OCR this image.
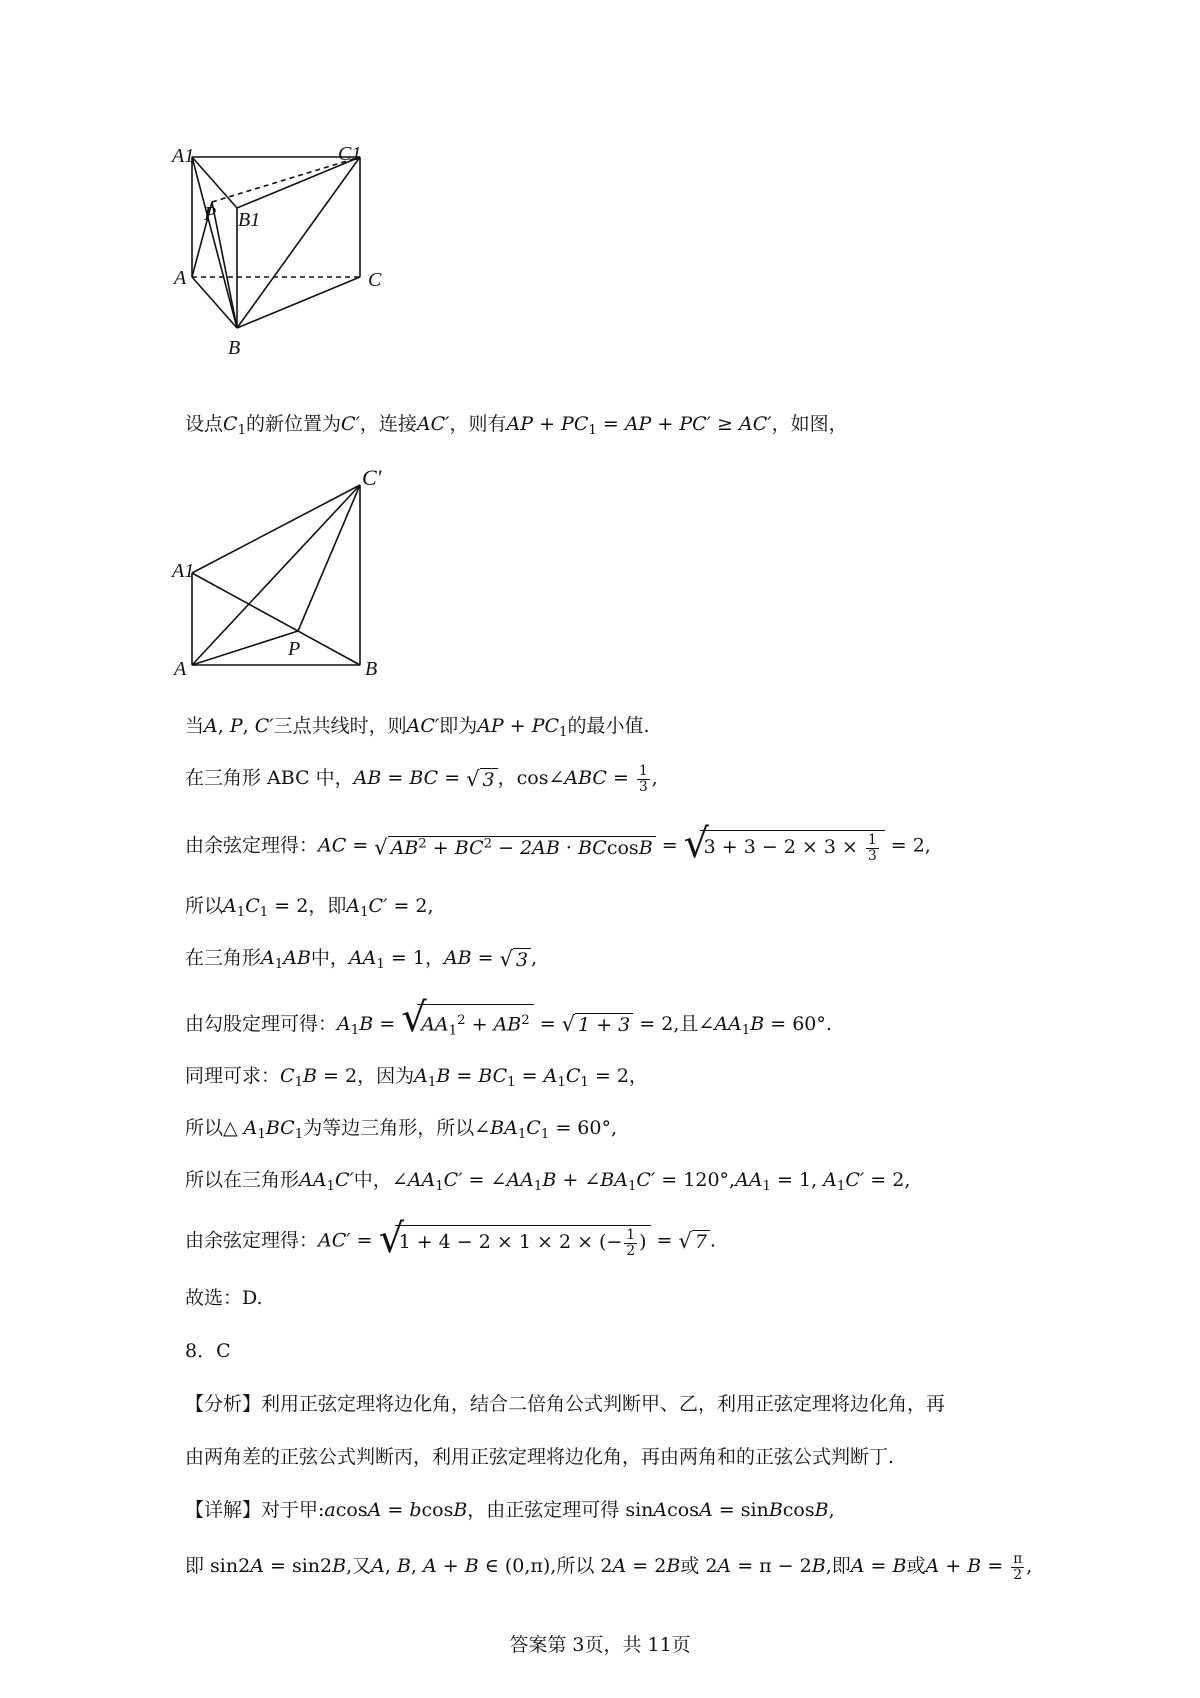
A1	C1
P B1
A	C
B
设点$C_1$的新位置为C′，连接AC′，则有AP + $PC_1$ = AP + PC′ ≥ AC′，如图，
C′
A1
P
A	B
当A, P, C′三点共线时，则AC′即为AP + $PC_1$的最小值.
在三角形 ABC 中，AB = BC = √ 3 ，cos∠ABC = $\frac{1}{3}$ ,
由余弦定理得：AC = √ $AB^2 + BC^2 - 2AB \cdot BCcosB$ = √
$3 + 3 - 2 \times 3 \times \frac{1}{3} = 2$,
所以$A_1C_1 = 2$，即$A_1C' = 2$,
在三角形$A_1AB$中，$AA_1 = 1$，AB = √ 3 ,
由勾股定理可得：$A_1B$ = √
$AA_1^2 + AB^2$ = √ 1 + 3 = 2,且$\angle AA_1B = 60^\circ$.
同理可求：$C_1B = 2$，因为$A_1B = BC_1 = A_1C_1 = 2$，
所以△ $A_1BC_1$为等边三角形，所以$\angle BA_1C_1 = 60^\circ$,
所以在三角形$AA_1C'$中，$\angle AA_1C'$ = $\angle AA_1B$ + $\angle BA_1C' = 120^\circ,AA_1 = 1$, $A_1C' = 2$,
由余弦定理得：AC′ = √
1 + 4 − 2 × 1 × 2 × (− $\frac{1}{2}$ ) = √ 7 .
故选：D.
8．C
【分析】利用正弦定理将边化角，结合二倍角公式判断甲、乙，利用正弦定理将边化角，再
由两角差的正弦公式判断丙，利用正弦定理将边化角，再由两角和的正弦公式判断丁.
【详解】对于甲:acosA = bcosB，由正弦定理可得 sinAcosA = sinBcosB,
即 sin2A = sin2B,又A, B, A + B ∈ (0,π),所以 2A = 2B或 2A = π − 2B,即A = B或$A + B = \frac{\pi}{2}$ ,
答案第 3页，共 11页
